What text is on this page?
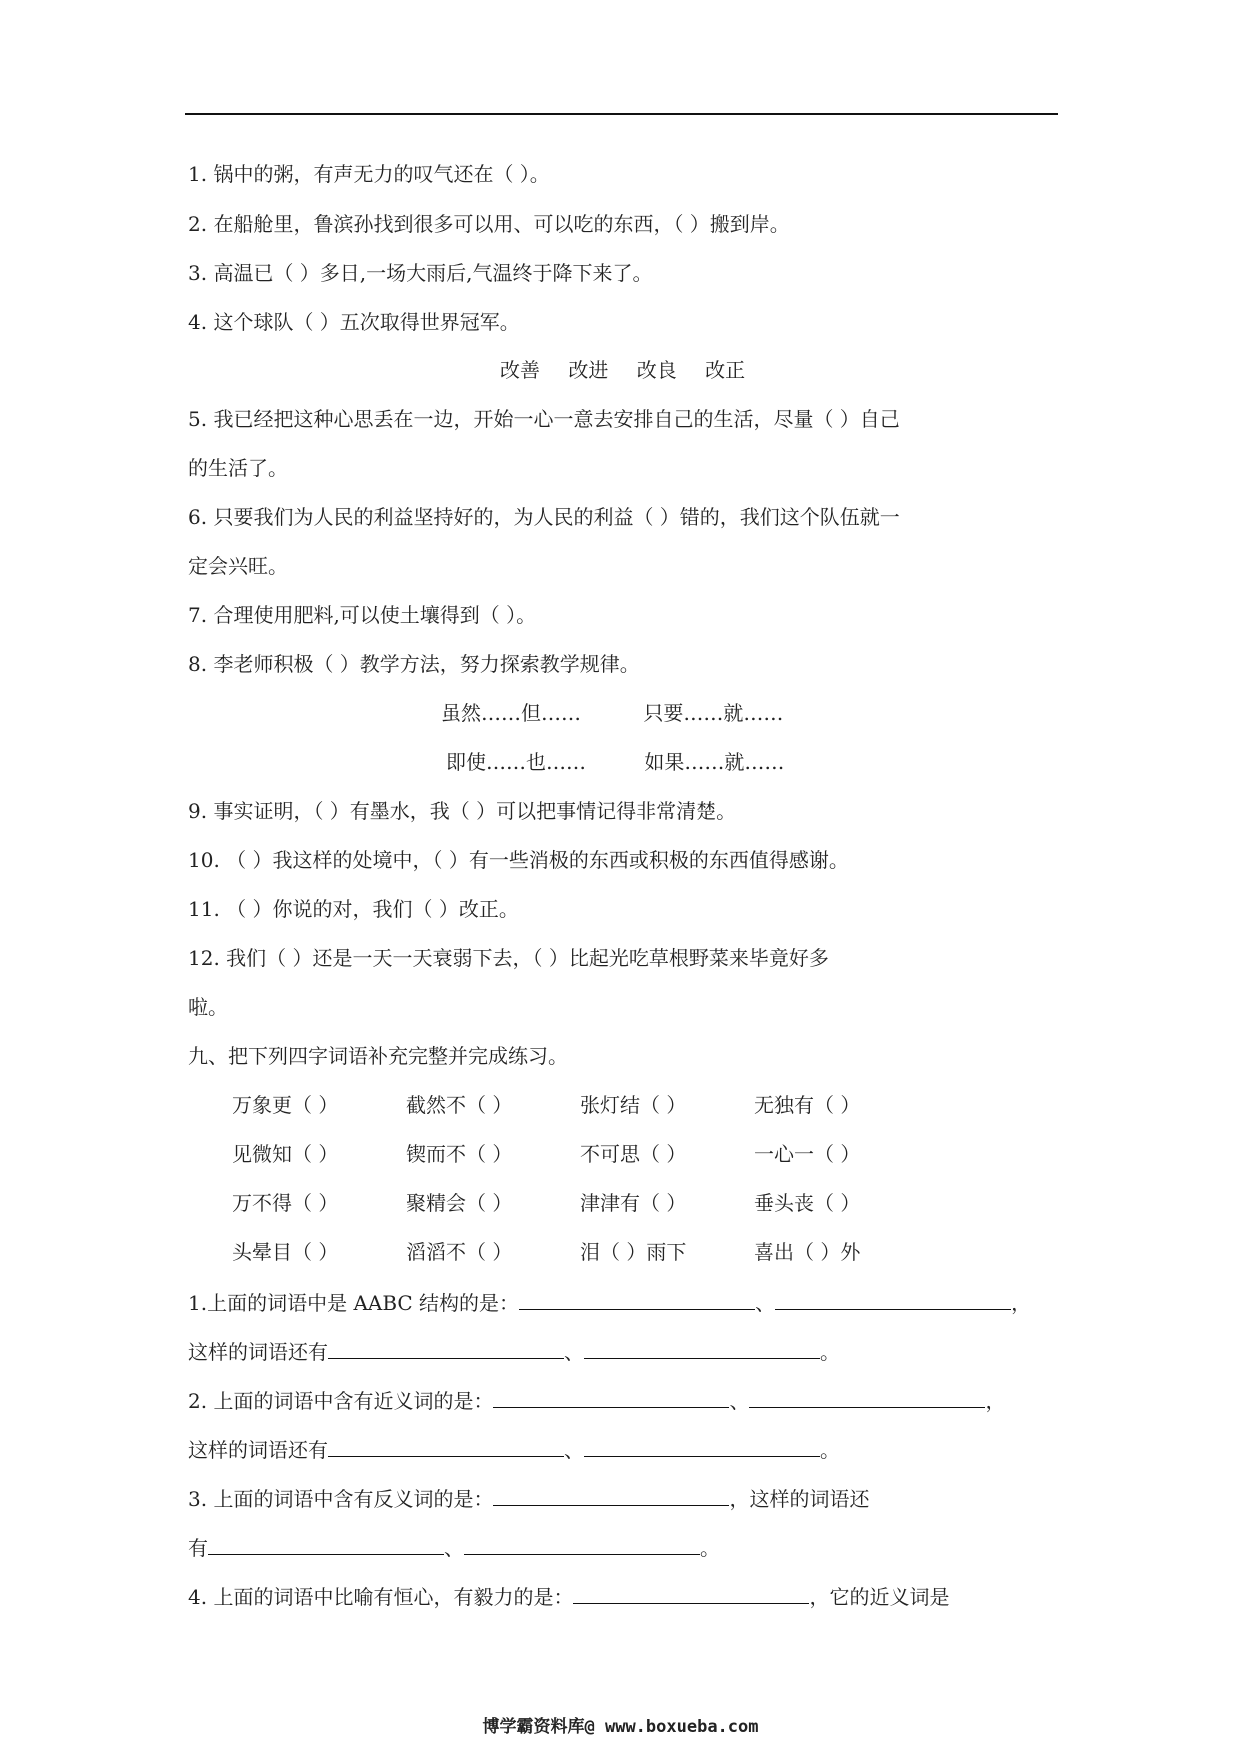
1. 锅中的粥，有声无力的叹气还在（ ）。
2. 在船舱里，鲁滨孙找到很多可以用、可以吃的东西，（ ）搬到岸。
3. 高温已（ ）多日,一场大雨后,气温终于降下来了。
4. 这个球队（ ）五次取得世界冠军。
改善 改进 改良 改正
5. 我已经把这种心思丢在一边，开始一心一意去安排自己的生活，尽量（ ）自己
的生活了。
6. 只要我们为人民的利益坚持好的，为人民的利益（ ）错的，我们这个队伍就一
定会兴旺。
7. 合理使用肥料,可以使土壤得到（ ）。
8. 李老师积极（ ）教学方法，努力探索教学规律。
虽然……但……	只要……就……
即使……也……	如果……就……
9. 事实证明，（ ）有墨水，我（ ）可以把事情记得非常清楚。
10. （ ）我这样的处境中，（ ）有一些消极的东西或积极的东西值得感谢。
11. （ ）你说的对，我们（ ）改正。
12. 我们（ ）还是一天一天衰弱下去，（ ）比起光吃草根野菜来毕竟好多
啦。
九、把下列四字词语补充完整并完成练习。
万象更（ ）	截然不（ ）	张灯结（ ）	无独有（ ）
见微知（ ）	锲而不（ ）	不可思（ ）	一心一（ ）
万不得（ ）	聚精会（ ）	津津有（ ）	垂头丧（ ）
头晕目（ ）	滔滔不（ ）	泪（ ）雨下	喜出（ ）外
1.上面的词语中是 AABC 结构的是：	、	，
这样的词语还有	、	。
2. 上面的词语中含有近义词的是：	、	，
这样的词语还有	、	。
3. 上面的词语中含有反义词的是：	，这样的词语还
有	、	。
4. 上面的词语中比喻有恒心，有毅力的是：	，它的近义词是
博学霸资料库@ www.boxueba.com
